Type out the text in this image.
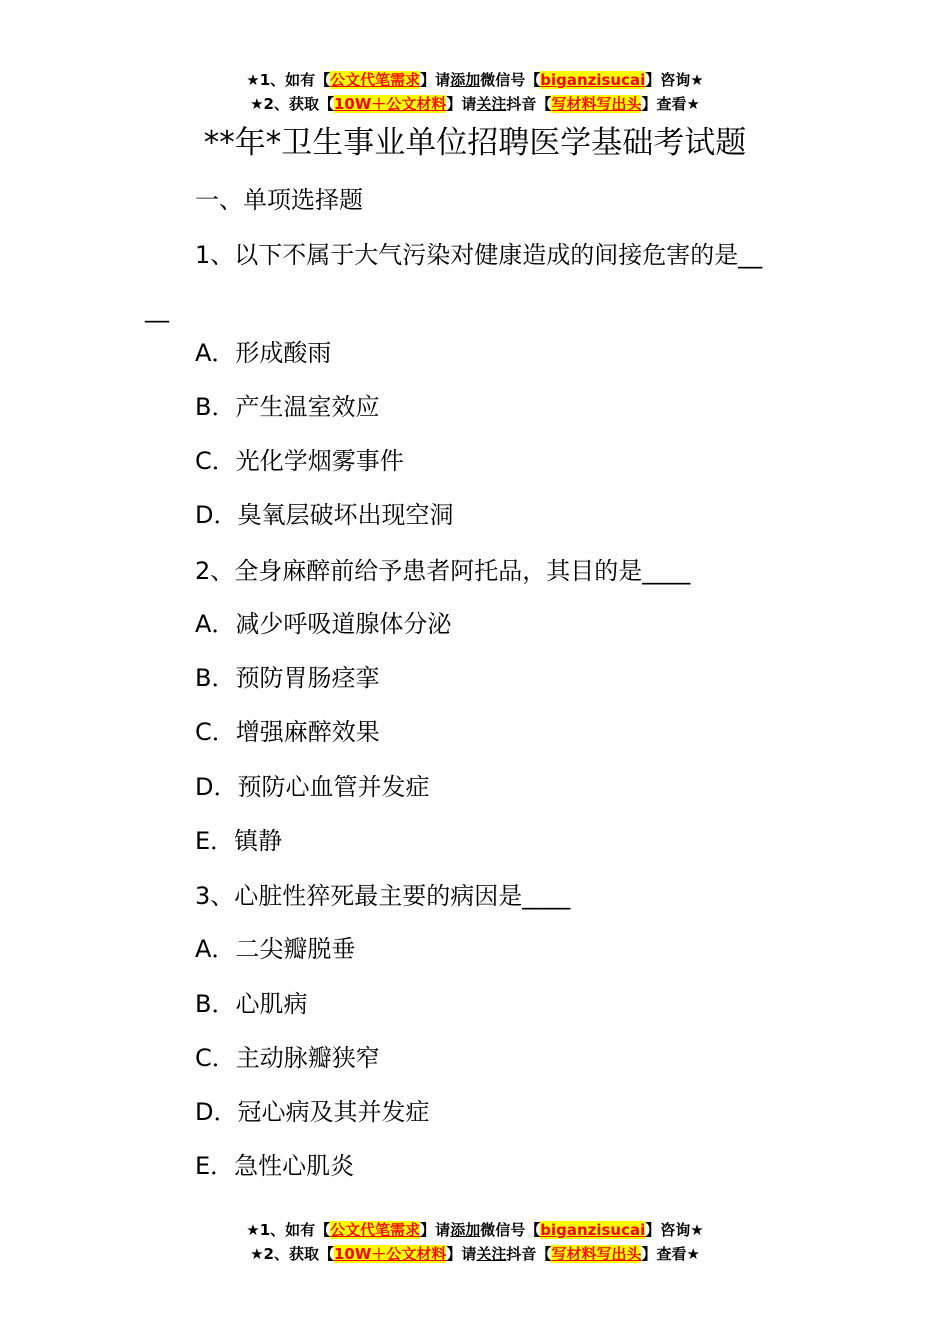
★1、如有【公文代笔需求】请添加微信号【biganzisucai】咨询★
★2、获取【10W＋公文材料】请关注抖音【写材料写出头】查看★
**年*卫生事业单位招聘医学基础考试题
一、单项选择题
1、以下不属于大气污染对健康造成的间接危害的是__
__
A．形成酸雨
B．产生温室效应
C．光化学烟雾事件
D．臭氧层破坏出现空洞
2、全身麻醉前给予患者阿托品，其目的是____
A．减少呼吸道腺体分泌
B．预防胃肠痉挛
C．增强麻醉效果
D．预防心血管并发症
E．镇静
3、心脏性猝死最主要的病因是____
A．二尖瓣脱垂
B．心肌病
C．主动脉瓣狭窄
D．冠心病及其并发症
E．急性心肌炎
★1、如有【公文代笔需求】请添加微信号【biganzisucai】咨询★
★2、获取【10W＋公文材料】请关注抖音【写材料写出头】查看★
